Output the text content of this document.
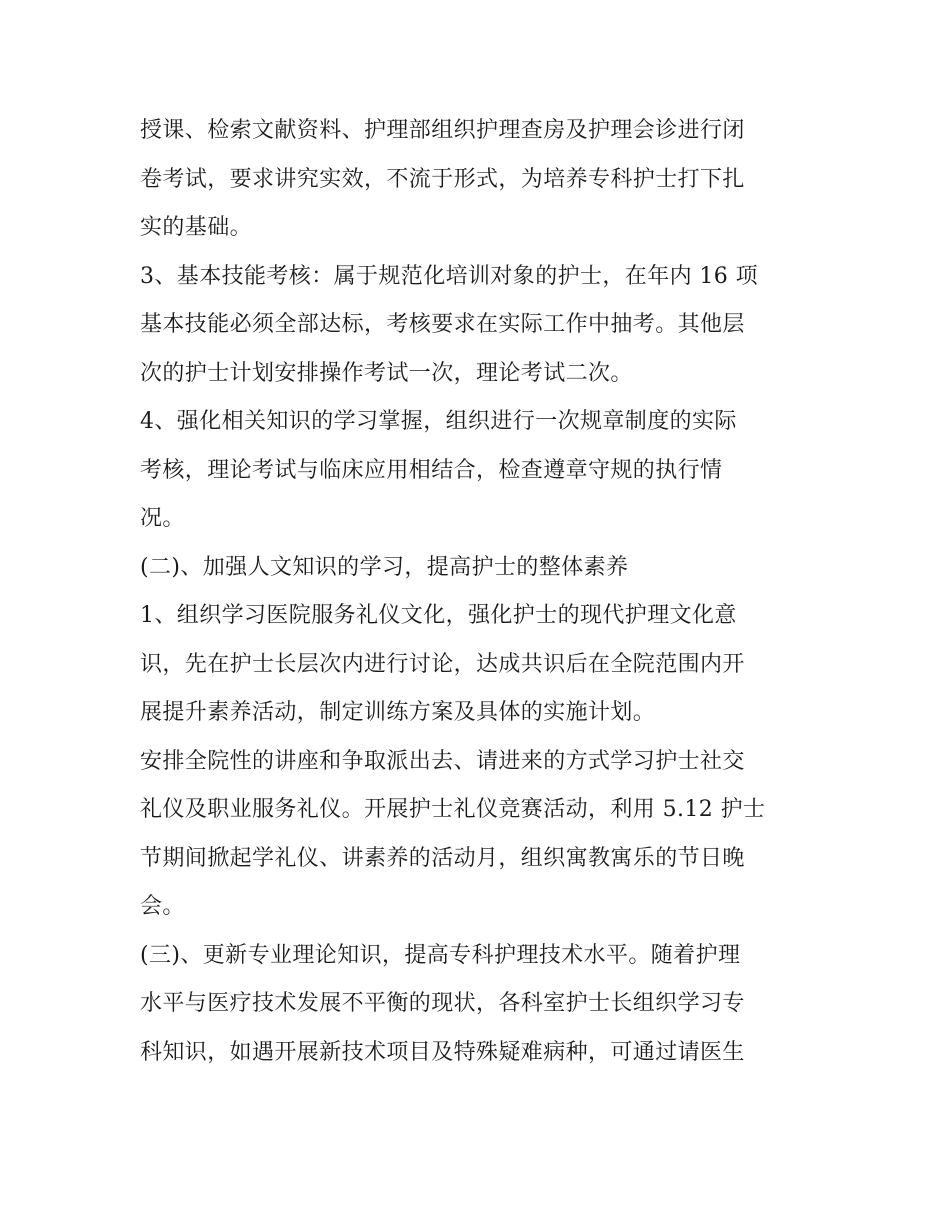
授课、检索文献资料、护理部组织护理查房及护理会诊进行闭
卷考试，要求讲究实效，不流于形式，为培养专科护士打下扎
实的基础。
3、基本技能考核：属于规范化培训对象的护士，在年内 16 项
基本技能必须全部达标，考核要求在实际工作中抽考。其他层
次的护士计划安排操作考试一次，理论考试二次。
4、强化相关知识的学习掌握，组织进行一次规章制度的实际
考核，理论考试与临床应用相结合，检查遵章守规的执行情
况。
(二)、加强人文知识的学习，提高护士的整体素养
1、组织学习医院服务礼仪文化，强化护士的现代护理文化意
识，先在护士长层次内进行讨论，达成共识后在全院范围内开
展提升素养活动，制定训练方案及具体的实施计划。
安排全院性的讲座和争取派出去、请进来的方式学习护士社交
礼仪及职业服务礼仪。开展护士礼仪竞赛活动，利用 5.12 护士
节期间掀起学礼仪、讲素养的活动月，组织寓教寓乐的节日晚
会。
(三)、更新专业理论知识，提高专科护理技术水平。随着护理
水平与医疗技术发展不平衡的现状，各科室护士长组织学习专
科知识，如遇开展新技术项目及特殊疑难病种，可通过请医生
